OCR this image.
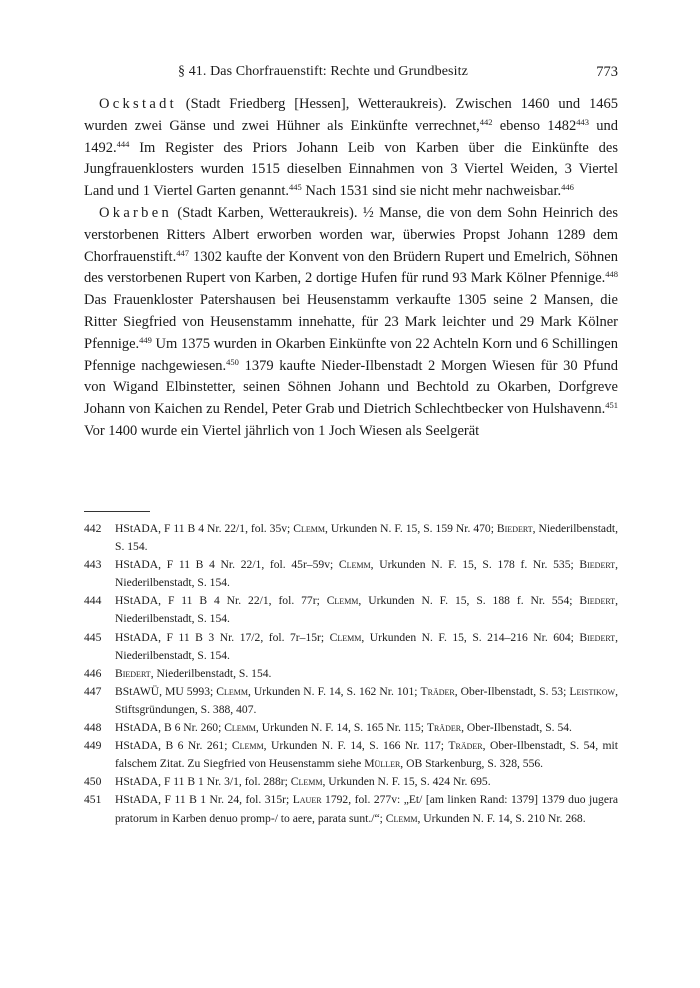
§ 41. Das Chorfrauenstift: Rechte und Grundbesitz	773

Ockstadt (Stadt Friedberg [Hessen], Wetteraukreis). Zwischen 1460 und 1465 wurden zwei Gänse und zwei Hühner als Einkünfte verrechnet,$^{442}$ ebenso 1482$^{443}$ und 1492.$^{444}$ Im Register des Priors Johann Leib von Karben über die Einkünfte des Jungfrauenklosters wurden 1515 dieselben Einnahmen von 3 Viertel Weiden, 3 Viertel Land und 1 Viertel Garten genannt.$^{445}$ Nach 1531 sind sie nicht mehr nachweisbar.$^{446}$

Okarben (Stadt Karben, Wetteraukreis). ½ Manse, die von dem Sohn Heinrich des verstorbenen Ritters Albert erworben worden war, überwies Propst Johann 1289 dem Chorfrauenstift.$^{447}$ 1302 kaufte der Konvent von den Brüdern Rupert und Emelrich, Söhnen des verstorbenen Rupert von Karben, 2 dortige Hufen für rund 93 Mark Kölner Pfennige.$^{448}$ Das Frauenkloster Patershausen bei Heusenstamm verkaufte 1305 seine 2 Mansen, die Ritter Siegfried von Heusenstamm innehatte, für 23 Mark leichter und 29 Mark Kölner Pfennige.$^{449}$ Um 1375 wurden in Okarben Einkünfte von 22 Achteln Korn und 6 Schillingen Pfennige nachgewiesen.$^{450}$ 1379 kaufte Nieder-Ilbenstadt 2 Morgen Wiesen für 30 Pfund von Wigand Elbinstetter, seinen Söhnen Johann und Bechtold zu Okarben, Dorfgreve Johann von Kaichen zu Rendel, Peter Grab und Dietrich Schlechtbecker von Hulshavenn.$^{451}$ Vor 1400 wurde ein Viertel jährlich von 1 Joch Wiesen als Seelgerät

442 HStADA, F 11 B 4 Nr. 22/1, fol. 35v; Clemm, Urkunden N. F. 15, S. 159 Nr. 470; Biedert, Niederilbenstadt, S. 154.
443 HStADA, F 11 B 4 Nr. 22/1, fol. 45r–59v; Clemm, Urkunden N. F. 15, S. 178 f. Nr. 535; Biedert, Niederilbenstadt, S. 154.
444 HStADA, F 11 B 4 Nr. 22/1, fol. 77r; Clemm, Urkunden N. F. 15, S. 188 f. Nr. 554; Biedert, Niederilbenstadt, S. 154.
445 HStADA, F 11 B 3 Nr. 17/2, fol. 7r–15r; Clemm, Urkunden N. F. 15, S. 214–216 Nr. 604; Biedert, Niederilbenstadt, S. 154.
446 Biedert, Niederilbenstadt, S. 154.
447 BStAWÜ, MU 5993; Clemm, Urkunden N. F. 14, S. 162 Nr. 101; Träder, Ober-Ilbenstadt, S. 53; Leistikow, Stiftsgründungen, S. 388, 407.
448 HStADA, B 6 Nr. 260; Clemm, Urkunden N. F. 14, S. 165 Nr. 115; Träder, Ober-Ilbenstadt, S. 54.
449 HStADA, B 6 Nr. 261; Clemm, Urkunden N. F. 14, S. 166 Nr. 117; Träder, Ober-Ilbenstadt, S. 54, mit falschem Zitat. Zu Siegfried von Heusenstamm siehe Müller, OB Starkenburg, S. 328, 556.
450 HStADA, F 11 B 1 Nr. 3/1, fol. 288r; Clemm, Urkunden N. F. 15, S. 424 Nr. 695.
451 HStADA, F 11 B 1 Nr. 24, fol. 315r; Lauer 1792, fol. 277v: „Et/ [am linken Rand: 1379] 1379 duo jugera pratorum in Karben denuo promp-/ to aere, parata sunt./“; Clemm, Urkunden N. F. 14, S. 210 Nr. 268.
